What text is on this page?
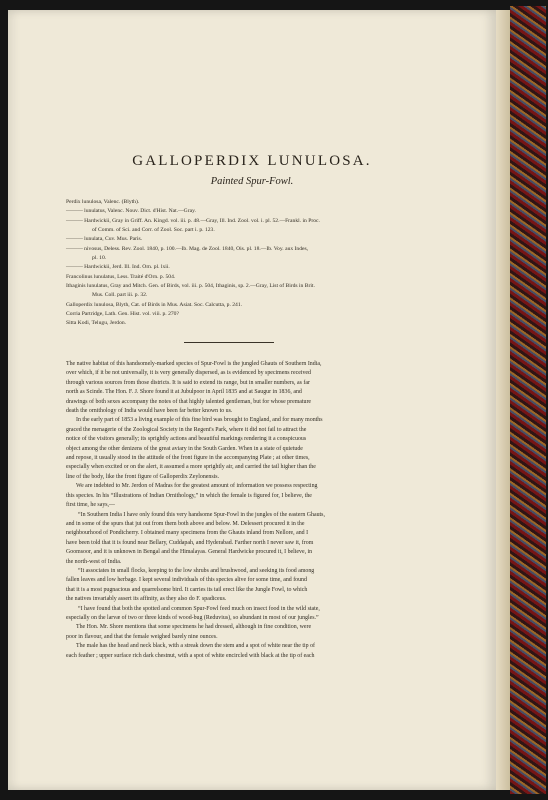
GALLOPERDIX LUNULOSA.
Painted Spur-Fowl.
Perdix lunulosa, Valenc. (Blyth).
——— lunulatus, Valenc. Nouv. Dict. d'Hist. Nat.—Gray.
——— Hardwickii, Gray in Griff. An. Kingd. vol. iii. p. 48.—Gray, Ill. Ind. Zool. vol. i. pl. 52.—Frankl. in Proc.
of Comm. of Sci. and Corr. of Zool. Soc. part i. p. 123.
——— lunulata, Cuv. Mus. Paris.
——— nivosus, Deless. Rev. Zool. 1840, p. 100.—Ib. Mag. de Zool. 1840, Ois. pl. 18.—Ib. Voy. aux Indes,
pl. 10.
——— Hardwickii, Jerd. Ill. Ind. Orn. pl. lxii.
Francolinus lunulatus, Less. Traité d'Orn. p. 504.
Ithaginis lunulatus, Gray and Mitch. Gen. of Birds, vol. iii. p. 504, Ithaginis, sp. 2.—Gray, List of Birds in Brit.
Mus. Coll. part iii. p. 32.
Galloperdix lunulosa, Blyth, Cat. of Birds in Mus. Asiat. Soc. Calcutta, p. 241.
Corria Partridge, Lath. Gen. Hist. vol. viii. p. 270?
Sitta Kodi, Telugu, Jerdon.
The native habitat of this handsomely-marked species of Spur-Fowl is the jungled Ghauts of Southern India,
over which, if it be not universally, it is very generally dispersed, as is evidenced by specimens received
through various sources from those districts. It is said to extend its range, but in smaller numbers, as far
north as Scinde. The Hon. F. J. Shore found it at Jubulpoor in April 1835 and at Saugur in 1836, and
drawings of both sexes accompany the notes of that highly talented gentleman, but for whose premature
death the ornithology of India would have been far better known to us.
In the early part of 1853 a living example of this fine bird was brought to England, and for many months
graced the menagerie of the Zoological Society in the Regent's Park, where it did not fail to attract the
notice of the visitors generally; its sprightly actions and beautiful markings rendering it a conspicuous
object among the other denizens of the great aviary in the South Garden. When in a state of quietude
and repose, it usually stood in the attitude of the front figure in the accompanying Plate ; at other times,
especially when excited or on the alert, it assumed a more sprightly air, and carried the tail higher than the
line of the body, like the front figure of Galloperdix Zeylonensis.
We are indebted to Mr. Jerdon of Madras for the greatest amount of information we possess respecting
this species. In his “Illustrations of Indian Ornithology,” in which the female is figured for, I believe, the
first time, he says,—
“In Southern India I have only found this very handsome Spur-Fowl in the jungles of the eastern Ghauts,
and in some of the spurs that jut out from them both above and below. M. Delessert procured it in the
neighbourhood of Pondicherry. I obtained many specimens from the Ghauts inland from Nellore, and I
have been told that it is found near Bellary, Cuddapah, and Hyderabad. Farther north I never saw it, from
Goomsoor, and it is unknown in Bengal and the Himalayas. General Hardwicke procured it, I believe, in
the north-west of India.
“It associates in small flocks, keeping to the low shrubs and brushwood, and seeking its food among
fallen leaves and low herbage. I kept several individuals of this species alive for some time, and found
that it is a most pugnacious and quarrelsome bird. It carries its tail erect like the Jungle Fowl, to which
the natives invariably assert its affinity, as they also do F. spadiceus.
“I have found that both the spotted and common Spur-Fowl feed much on insect food in the wild state,
especially on the larvæ of two or three kinds of wood-bug (Reduvius), so abundant in most of our jungles.”
The Hon. Mr. Shore mentions that some specimens he had dressed, although in fine condition, were
poor in flavour, and that the female weighed barely nine ounces.
The male has the head and neck black, with a streak down the stem and a spot of white near the tip of
each feather ; upper surface rich dark chestnut, with a spot of white encircled with black at the tip of each
